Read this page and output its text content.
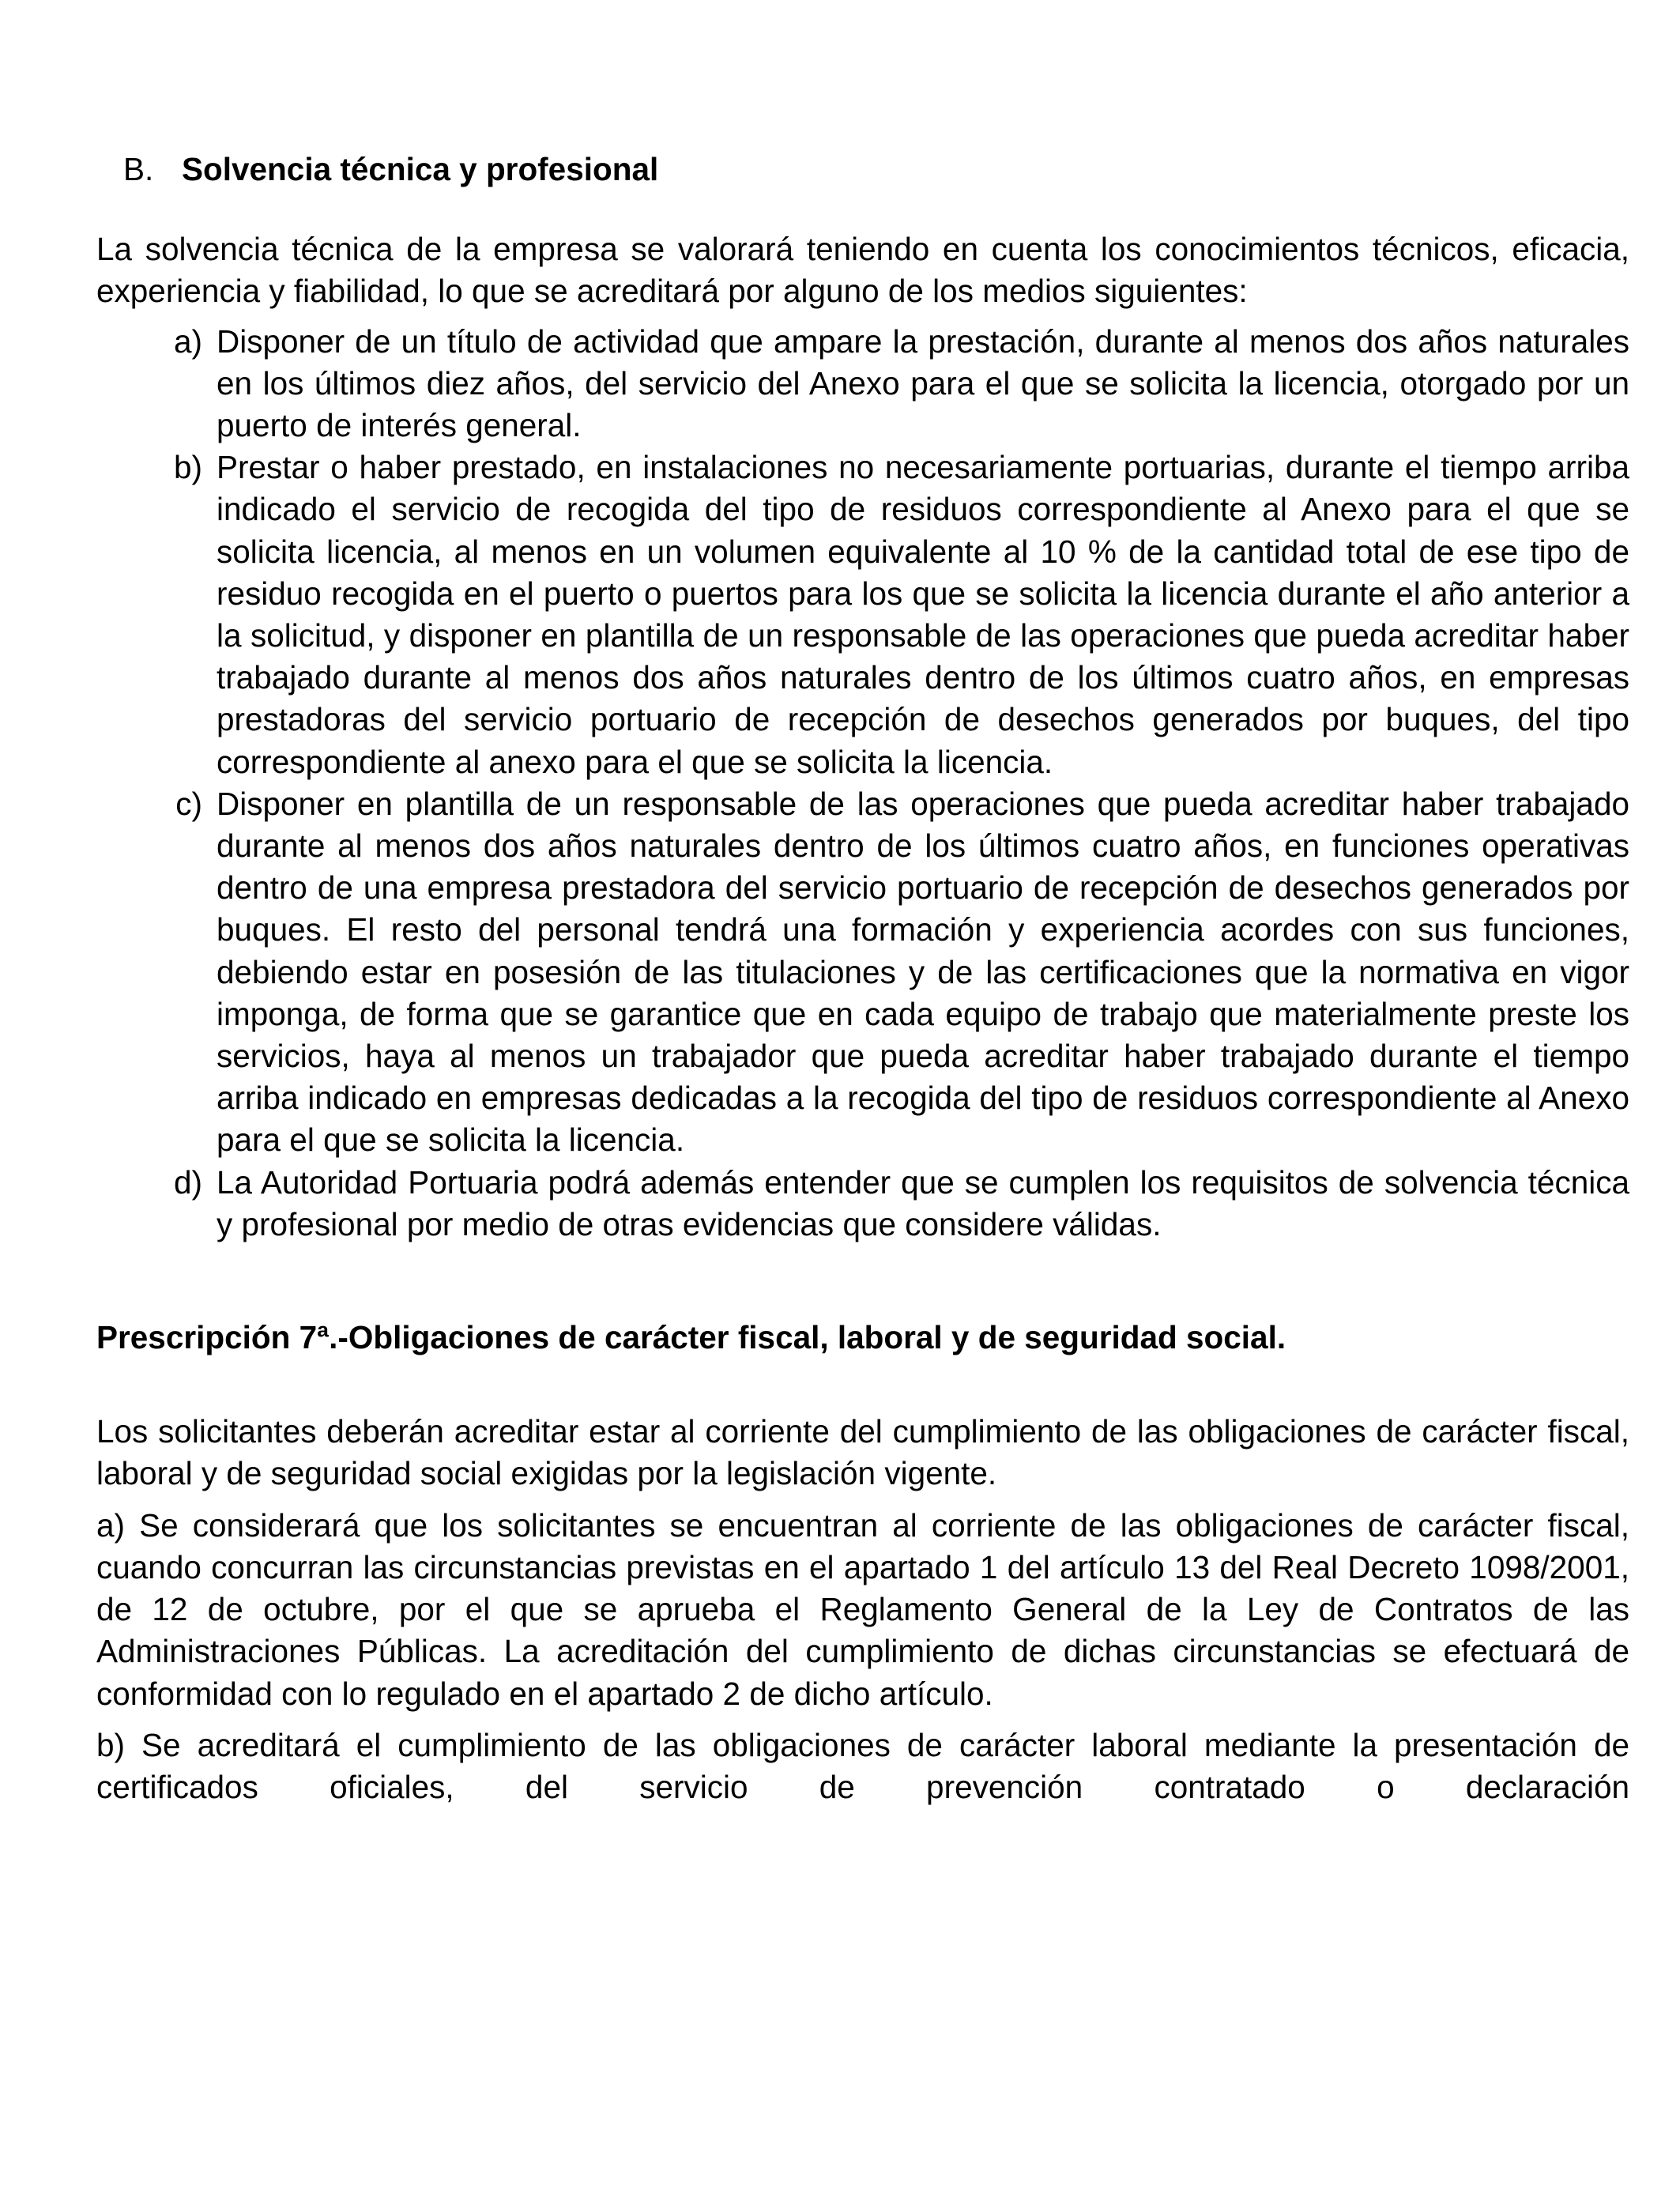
B. Solvencia técnica y profesional

La solvencia técnica de la empresa se valorará teniendo en cuenta los conocimientos técnicos, eficacia, experiencia y fiabilidad, lo que se acreditará por alguno de los medios siguientes:

a) Disponer de un título de actividad que ampare la prestación, durante al menos dos años naturales en los últimos diez años, del servicio del Anexo para el que se solicita la licencia, otorgado por un puerto de interés general.
b) Prestar o haber prestado, en instalaciones no necesariamente portuarias, durante el tiempo arriba indicado el servicio de recogida del tipo de residuos correspondiente al Anexo para el que se solicita licencia, al menos en un volumen equivalente al 10 % de la cantidad total de ese tipo de residuo recogida en el puerto o puertos para los que se solicita la licencia durante el año anterior a la solicitud, y disponer en plantilla de un responsable de las operaciones que pueda acreditar haber trabajado durante al menos dos años naturales dentro de los últimos cuatro años, en empresas prestadoras del servicio portuario de recepción de desechos generados por buques, del tipo correspondiente al anexo para el que se solicita la licencia.
c) Disponer en plantilla de un responsable de las operaciones que pueda acreditar haber trabajado durante al menos dos años naturales dentro de los últimos cuatro años, en funciones operativas dentro de una empresa prestadora del servicio portuario de recepción de desechos generados por buques. El resto del personal tendrá una formación y experiencia acordes con sus funciones, debiendo estar en posesión de las titulaciones y de las certificaciones que la normativa en vigor imponga, de forma que se garantice que en cada equipo de trabajo que materialmente preste los servicios, haya al menos un trabajador que pueda acreditar haber trabajado durante el tiempo arriba indicado en empresas dedicadas a la recogida del tipo de residuos correspondiente al Anexo para el que se solicita la licencia.
d) La Autoridad Portuaria podrá además entender que se cumplen los requisitos de solvencia técnica y profesional por medio de otras evidencias que considere válidas.

Prescripción 7ª.-Obligaciones de carácter fiscal, laboral y de seguridad social.

Los solicitantes deberán acreditar estar al corriente del cumplimiento de las obligaciones de carácter fiscal, laboral y de seguridad social exigidas por la legislación vigente.

a) Se considerará que los solicitantes se encuentran al corriente de las obligaciones de carácter fiscal, cuando concurran las circunstancias previstas en el apartado 1 del artículo 13 del Real Decreto 1098/2001, de 12 de octubre, por el que se aprueba el Reglamento General de la Ley de Contratos de las Administraciones Públicas. La acreditación del cumplimiento de dichas circunstancias se efectuará de conformidad con lo regulado en el apartado 2 de dicho artículo.

b) Se acreditará el cumplimiento de las obligaciones de carácter laboral mediante la presentación de certificados oficiales, del servicio de prevención contratado o declaración
